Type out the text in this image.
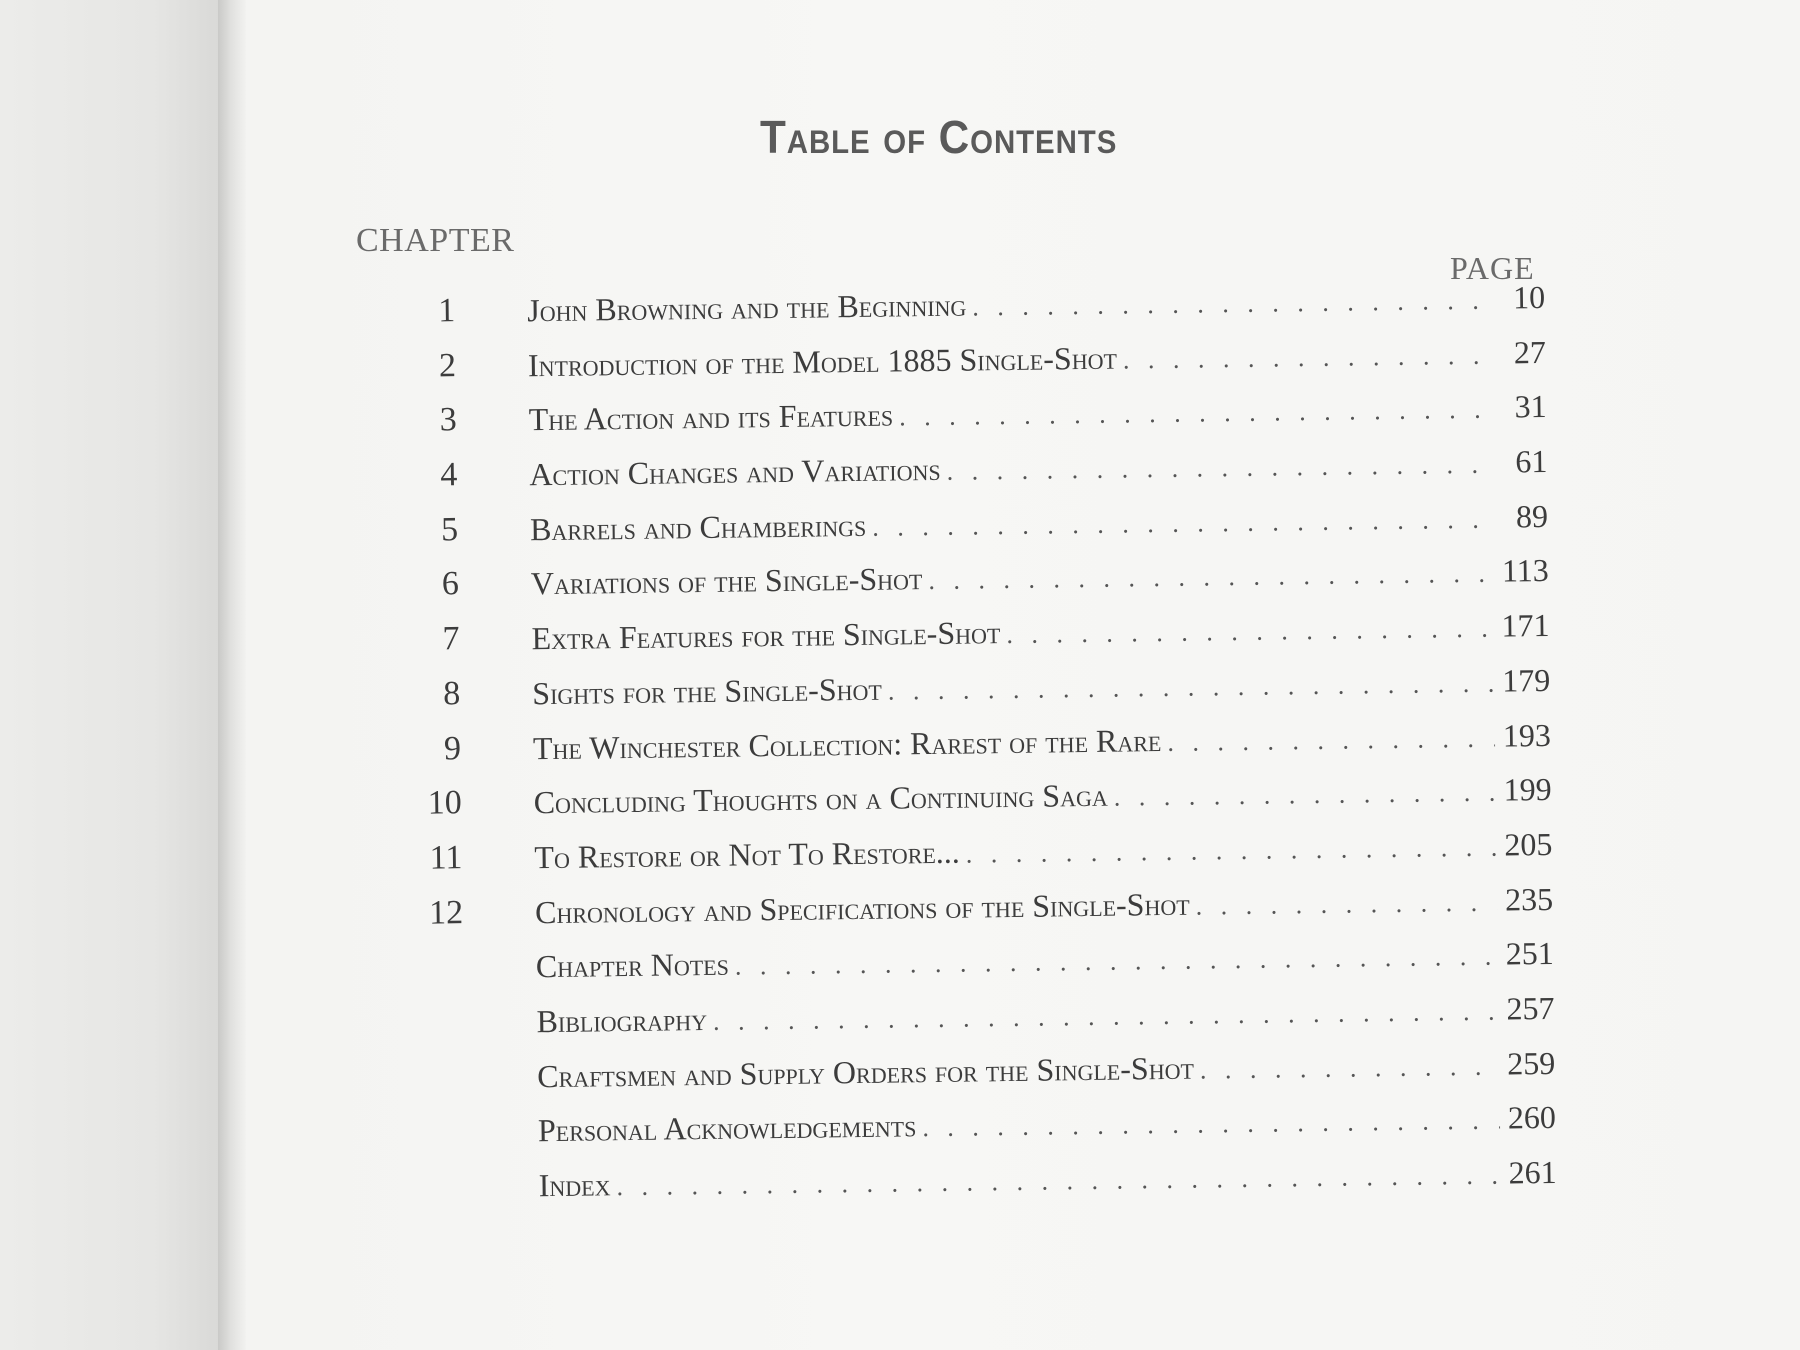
Table of Contents
CHAPTER
PAGE
1 John Browning and the Beginning . . .	10
2 Introduction of the Model 1885 Single-Shot . . .	27
3 The Action and its Features . . .	31
4 Action Changes and Variations . . .	61
5 Barrels and Chamberings . . .	89
6 Variations of the Single-Shot . . .	113
7 Extra Features for the Single-Shot . . .	171
8 Sights for the Single-Shot . . .	179
9 The Winchester Collection: Rarest of the Rare . . .	193
10 Concluding Thoughts on a Continuing Saga . . .	199
11 To Restore or Not To Restore... . . .	205
12 Chronology and Specifications of the Single-Shot . . .	235
Chapter Notes . . .	251
Bibliography . . .	257
Craftsmen and Supply Orders for the Single-Shot . . .	259
Personal Acknowledgements . . .	260
Index . . .	261
